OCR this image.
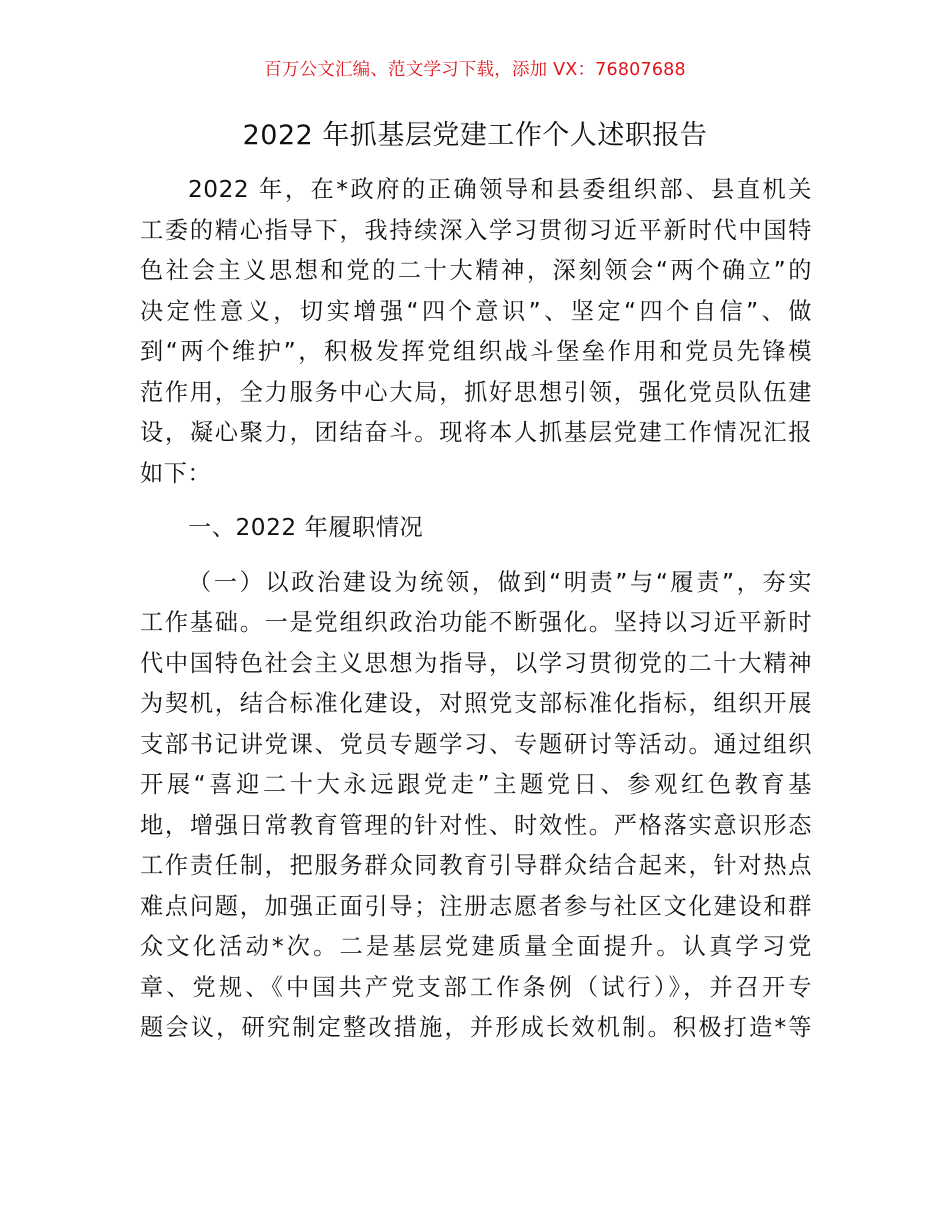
百万公文汇编、范文学习下载，添加 VX：76807688
2022 年抓基层党建工作个人述职报告
2022 年，在*政府的正确领导和县委组织部、县直机关
工委的精心指导下，我持续深入学习贯彻习近平新时代中国特
色社会主义思想和党的二十大精神，深刻领会“两个确立”的
决定性意义，切实增强“四个意识”、坚定“四个自信”、做
到“两个维护”，积极发挥党组织战斗堡垒作用和党员先锋模
范作用，全力服务中心大局，抓好思想引领，强化党员队伍建
设，凝心聚力，团结奋斗。现将本人抓基层党建工作情况汇报
如下：
一、2022 年履职情况
（一）以政治建设为统领，做到“明责”与“履责”，夯实
工作基础。一是党组织政治功能不断强化。坚持以习近平新时
代中国特色社会主义思想为指导，以学习贯彻党的二十大精神
为契机，结合标准化建设，对照党支部标准化指标，组织开展
支部书记讲党课、党员专题学习、专题研讨等活动。通过组织
开展“喜迎二十大永远跟党走”主题党日、参观红色教育基
地，增强日常教育管理的针对性、时效性。严格落实意识形态
工作责任制，把服务群众同教育引导群众结合起来，针对热点
难点问题，加强正面引导；注册志愿者参与社区文化建设和群
众文化活动*次。二是基层党建质量全面提升。认真学习党
章、党规、《中国共产党支部工作条例（试行）》，并召开专
题会议，研究制定整改措施，并形成长效机制。积极打造*等
